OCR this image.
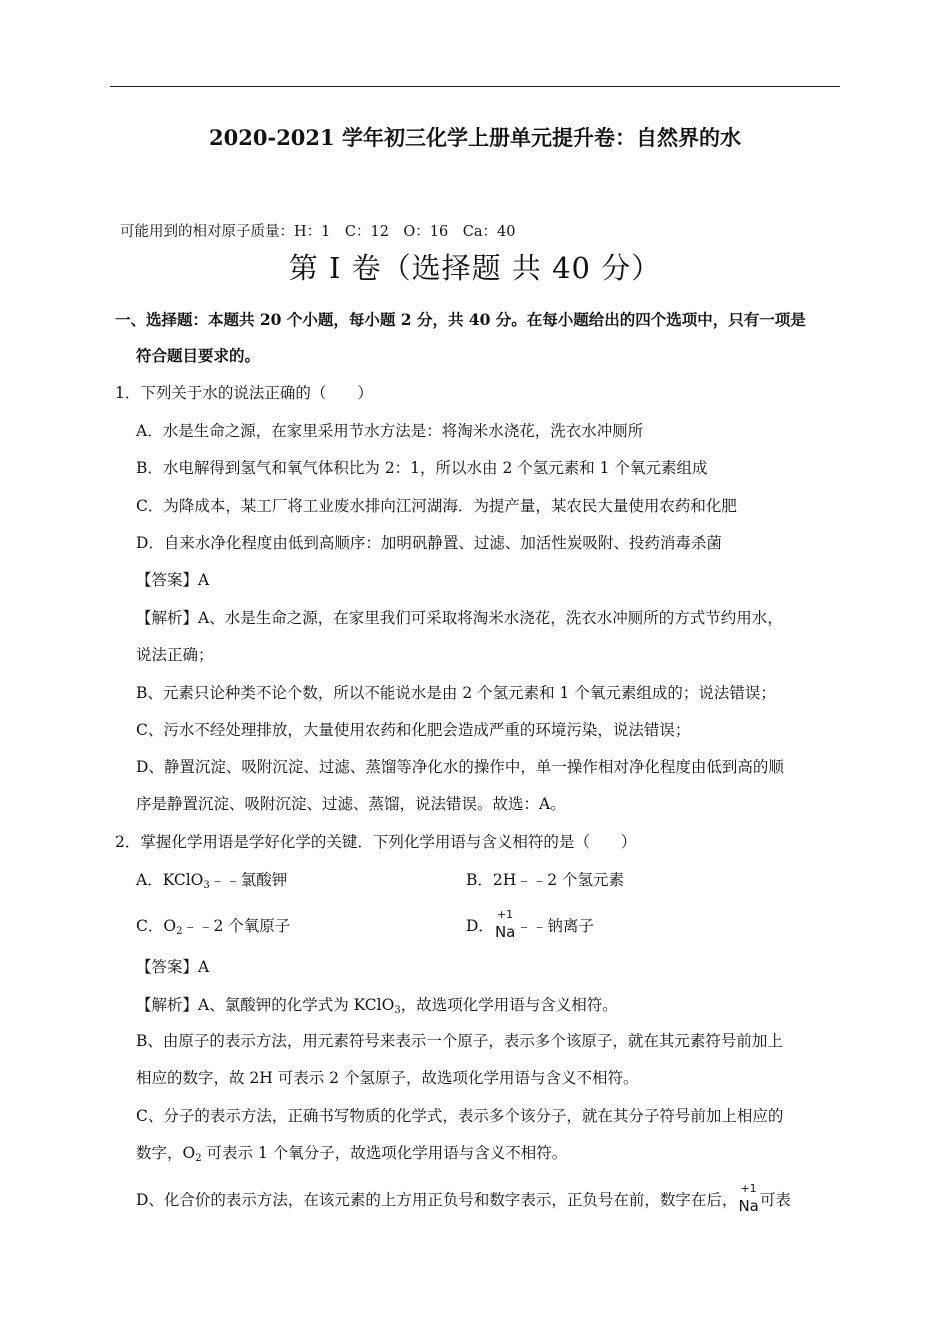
2020-2021 学年初三化学上册单元提升卷：自然界的水
可能用到的相对原子质量：H：1　C：12　O：16　Ca：40
第 I 卷（选择题 共 40 分）
一、选择题：本题共 20 个小题，每小题 2 分，共 40 分。在每小题给出的四个选项中，只有一项是
符合题目要求的。
1．下列关于水的说法正确的（　　）
A．水是生命之源，在家里采用节水方法是：将淘米水浇花，洗衣水冲厕所
B．水电解得到氢气和氧气体积比为 2：1，所以水由 2 个氢元素和 1 个氧元素组成
C．为降成本，某工厂将工业废水排向江河湖海．为提产量，某农民大量使用农药和化肥
D．自来水净化程度由低到高顺序：加明矾静置、过滤、加活性炭吸附、投药消毒杀菌
【答案】A
【解析】A、水是生命之源，在家里我们可采取将淘米水浇花，洗衣水冲厕所的方式节约用水，
说法正确；
B、元素只论种类不论个数，所以不能说水是由 2 个氢元素和 1 个氧元素组成的；说法错误；
C、污水不经处理排放，大量使用农药和化肥会造成严重的环境污染，说法错误；
D、静置沉淀、吸附沉淀、过滤、蒸馏等净化水的操作中，单一操作相对净化程度由低到高的顺
序是静置沉淀、吸附沉淀、过滤、蒸馏，说法错误。故选：A。
2．掌握化学用语是学好化学的关键．下列化学用语与含义相符的是（　　）
A．KClO$_3$﹣﹣氯酸钾	B．2H﹣﹣2 个氢元素
C．$O_2﹣﹣2$ 个氧原子	D．
+1
Na﹣﹣钠离子
【答案】A
【解析】A、氯酸钾的化学式为 KClO$_3$，故选项化学用语与含义相符。
B、由原子的表示方法，用元素符号来表示一个原子，表示多个该原子，就在其元素符号前加上
相应的数字，故 2H 可表示 2 个氢原子，故选项化学用语与含义不相符。
C、分子的表示方法，正确书写物质的化学式，表示多个该分子，就在其分子符号前加上相应的
数字，$O_2$ 可表示 1 个氧分子，故选项化学用语与含义不相符。
D、化合价的表示方法，在该元素的上方用正负号和数字表示，正负号在前，数字在后，
+1
Na可表
